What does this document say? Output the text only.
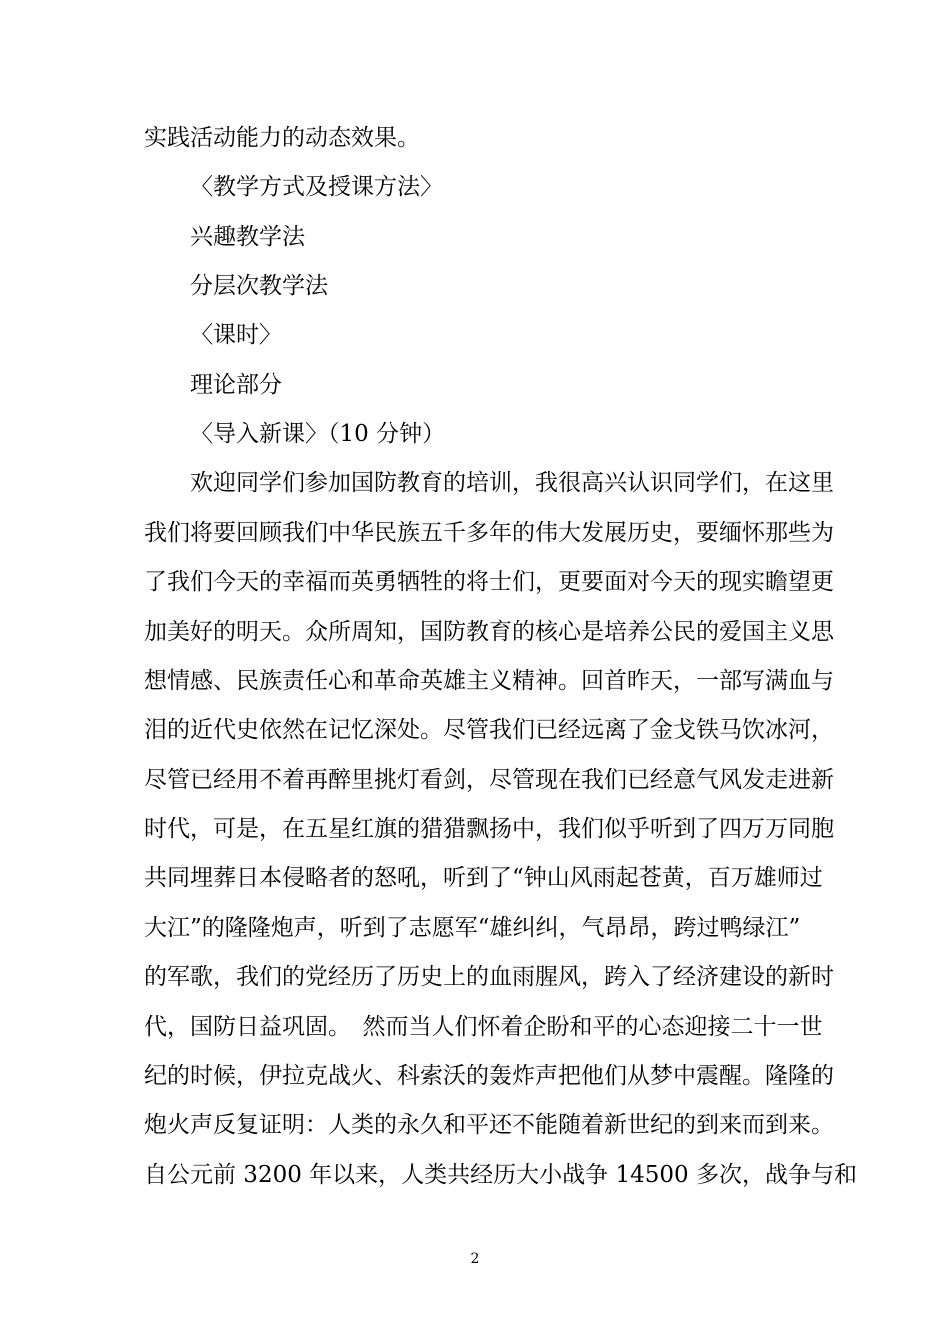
实践活动能力的动态效果。
〈教学方式及授课方法〉
兴趣教学法
分层次教学法
〈课时〉
理论部分
〈导入新课〉（10 分钟）
欢迎同学们参加国防教育的培训，我很高兴认识同学们，在这里
我们将要回顾我们中华民族五千多年的伟大发展历史，要缅怀那些为
了我们今天的幸福而英勇牺牲的将士们，更要面对今天的现实瞻望更
加美好的明天。众所周知，国防教育的核心是培养公民的爱国主义思
想情感、民族责任心和革命英雄主义精神。回首昨天，一部写满血与
泪的近代史依然在记忆深处。尽管我们已经远离了金戈铁马饮冰河，
尽管已经用不着再醉里挑灯看剑，尽管现在我们已经意气风发走进新
时代，可是，在五星红旗的猎猎飘扬中，我们似乎听到了四万万同胞
共同埋葬日本侵略者的怒吼，听到了“钟山风雨起苍黄，百万雄师过
大江”的隆隆炮声，听到了志愿军“雄纠纠，气昂昂，跨过鸭绿江”
的军歌，我们的党经历了历史上的血雨腥风，跨入了经济建设的新时
代，国防日益巩固。　然而当人们怀着企盼和平的心态迎接二十一世
纪的时候，伊拉克战火、科索沃的轰炸声把他们从梦中震醒。隆隆的
炮火声反复证明：人类的永久和平还不能随着新世纪的到来而到来。
自公元前 3200 年以来，人类共经历大小战争 14500 多次，战争与和
2
